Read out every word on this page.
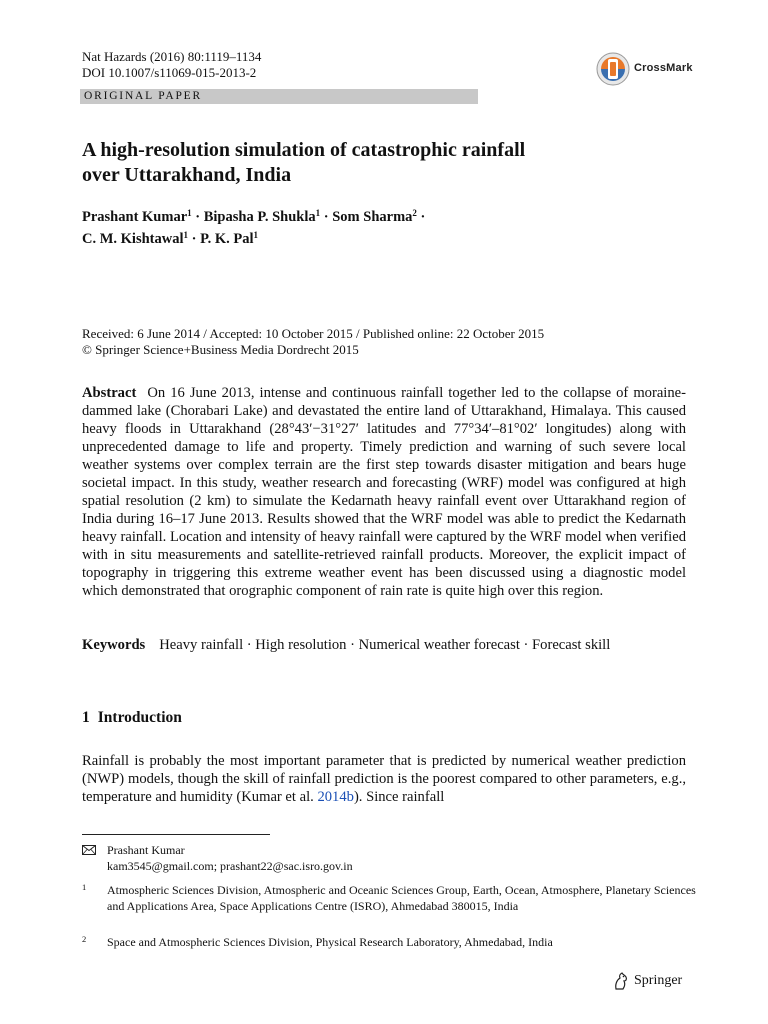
Nat Hazards (2016) 80:1119–1134
DOI 10.1007/s11069-015-2013-2	CrossMark
ORIGINAL PAPER
A high-resolution simulation of catastrophic rainfall
over Uttarakhand, India
Prashant Kumar$^1$ · Bipasha P. Shukla$^1$ · Som Sharma$^2$ ·
C. M. Kishtawal$^1$ · P. K. Pal$^1$
Received: 6 June 2014 / Accepted: 10 October 2015 / Published online: 22 October 2015
© Springer Science+Business Media Dordrecht 2015
Abstract On 16 June 2013, intense and continuous rainfall together led to the collapse of moraine-dammed lake (Chorabari Lake) and devastated the entire land of Uttarakhand, Himalaya. This caused heavy floods in Uttarakhand (28°43′−31°27′ latitudes and 77°34′–81°02′ longitudes) along with unprecedented damage to life and property. Timely prediction and warning of such severe local weather systems over complex terrain are the first step towards disaster mitigation and bears huge societal impact. In this study, weather research and forecasting (WRF) model was configured at high spatial resolution (2 km) to simulate the Kedarnath heavy rainfall event over Uttarakhand region of India during 16–17 June 2013. Results showed that the WRF model was able to predict the Kedarnath heavy rainfall. Location and intensity of heavy rainfall were captured by the WRF model when verified with in situ measurements and satellite-retrieved rainfall products. Moreover, the explicit impact of topography in triggering this extreme weather event has been discussed using a diagnostic model which demonstrated that orographic component of rain rate is quite high over this region.
Keywords Heavy rainfall · High resolution · Numerical weather forecast · Forecast skill
1 Introduction
Rainfall is probably the most important parameter that is predicted by numerical weather prediction (NWP) models, though the skill of rainfall prediction is the poorest compared to other parameters, e.g., temperature and humidity (Kumar et al. 2014b). Since rainfall
Prashant Kumar
kam3545@gmail.com; prashant22@sac.isro.gov.in
1 Atmospheric Sciences Division, Atmospheric and Oceanic Sciences Group, Earth, Ocean, Atmosphere, Planetary Sciences and Applications Area, Space Applications Centre (ISRO), Ahmedabad 380015, India
2 Space and Atmospheric Sciences Division, Physical Research Laboratory, Ahmedabad, India
Springer
